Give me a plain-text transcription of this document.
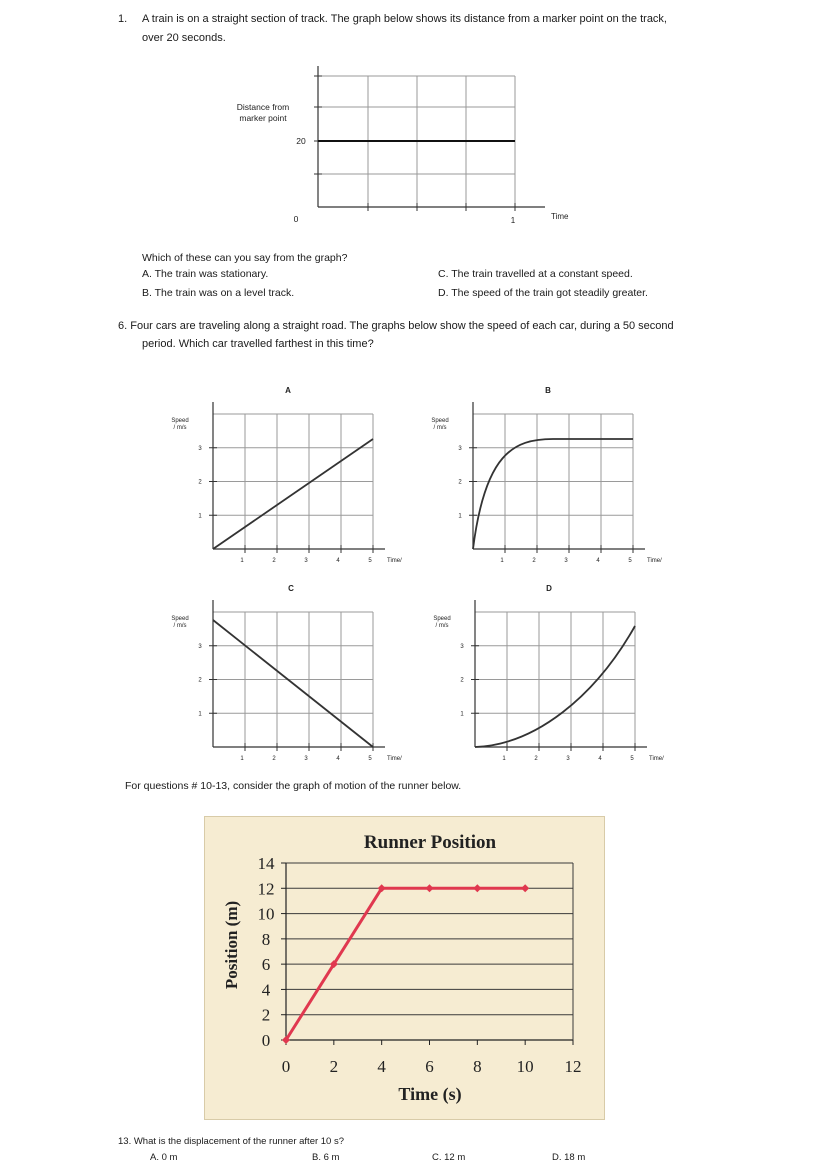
1. A train is on a straight section of track. The graph below shows its distance from a marker point on the track,
over 20 seconds.
Distance from
marker point
20
0	1	Time
Which of these can you say from the graph?
A. The train was stationary.
B. The train was on a level track.
C. The train travelled at a constant speed.
D. The speed of the train got steadily greater.
6. Four cars are traveling along a straight road. The graphs below show the speed of each car, during a 50 second
period. Which car travelled farthest in this time?
3
2
1
1	2	3	4	5	Time/
Speed
/ m/s
A
3
2
1
1	2	3	4	5	Time/
Speed
/ m/s
B
3
2
1
1	2	3	4	5	Time/
Speed
/ m/s
C
3
2
1
1	2	3	4	5	Time/
Speed
/ m/s
D
For questions # 10-13, consider the graph of motion of the runner below.
Runner Position
Time (s)
Position (m)
14
12
10
8
6
4
2
0
0 2 4 6 8 10 12
13. What is the displacement of the runner after 10 s?
A. 0 m	B. 6 m	C. 12 m	D. 18 m
